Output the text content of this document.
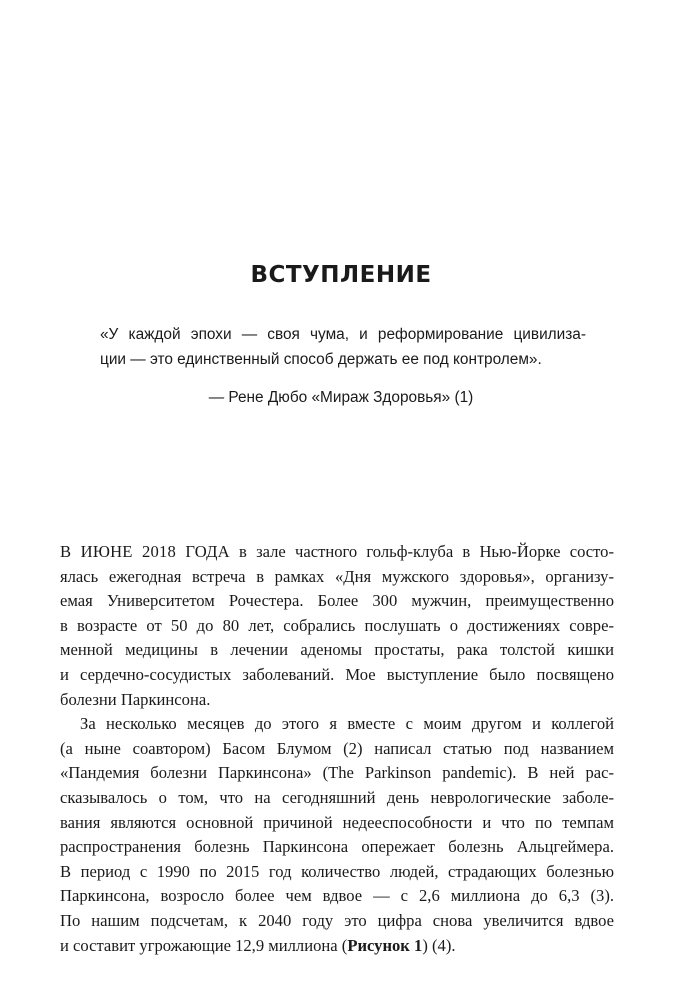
ВСТУПЛЕНИЕ
«У каждой эпохи — своя чума, и реформирование цивилиза-
ции — это единственный способ держать ее под контролем».
— Рене Дюбо «Мираж Здоровья» (1)
В ИЮНЕ 2018 ГОДА в зале частного гольф-клуба в Нью-Йорке состо-
ялась ежегодная встреча в рамках «Дня мужского здоровья», организу-
емая Университетом Рочестера. Более 300 мужчин, преимущественно
в возрасте от 50 до 80 лет, собрались послушать о достижениях совре-
менной медицины в лечении аденомы простаты, рака толстой кишки
и сердечно-сосудистых заболеваний. Мое выступление было посвящено
болезни Паркинсона.
За несколько месяцев до этого я вместе с моим другом и коллегой
(а ныне соавтором) Басом Блумом (2) написал статью под названием
«Пандемия болезни Паркинсона» (The Parkinson pandemic). В ней рас-
сказывалось о том, что на сегодняшний день неврологические заболе-
вания являются основной причиной недееспособности и что по темпам
распространения болезнь Паркинсона опережает болезнь Альцгеймера.
В период с 1990 по 2015 год количество людей, страдающих болезнью
Паркинсона, возросло более чем вдвое — с 2,6 миллиона до 6,3 (3).
По нашим подсчетам, к 2040 году это цифра снова увеличится вдвое
и составит угрожающие 12,9 миллиона (Рисунок 1) (4).
